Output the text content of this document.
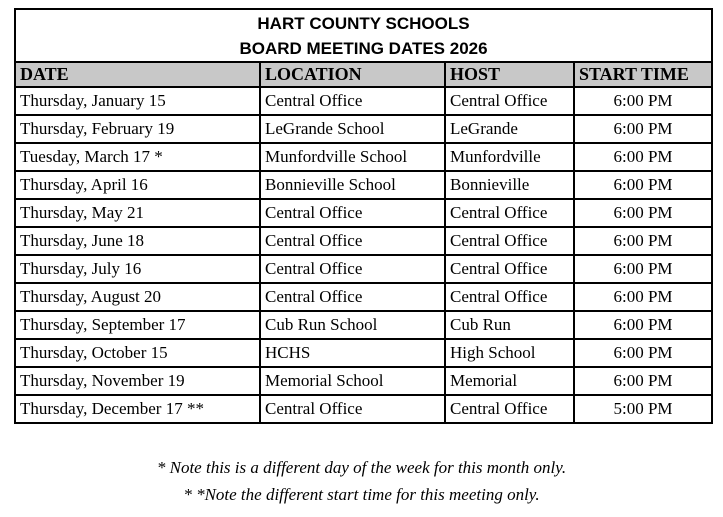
HART COUNTY SCHOOLS
BOARD MEETING DATES 2026			

DATE	LOCATION	HOST	START TIME
Thursday, January 15	Central Office	Central Office	6:00 PM
Thursday, February 19	LeGrande School	LeGrande	6:00 PM
Tuesday, March 17 *	Munfordville School	Munfordville	6:00 PM
Thursday, April 16	Bonnieville School	Bonnieville	6:00 PM
Thursday, May 21	Central Office	Central Office	6:00 PM
Thursday, June 18	Central Office	Central Office	6:00 PM
Thursday, July 16	Central Office	Central Office	6:00 PM
Thursday, August 20	Central Office	Central Office	6:00 PM
Thursday, September 17	Cub Run School	Cub Run	6:00 PM
Thursday, October 15	HCHS	High School	6:00 PM
Thursday, November 19	Memorial School	Memorial	6:00 PM
Thursday, December 17 **	Central Office	Central Office	5:00 PM
* Note this is a different day of the week for this month only.
* *Note the different start time for this meeting only.
